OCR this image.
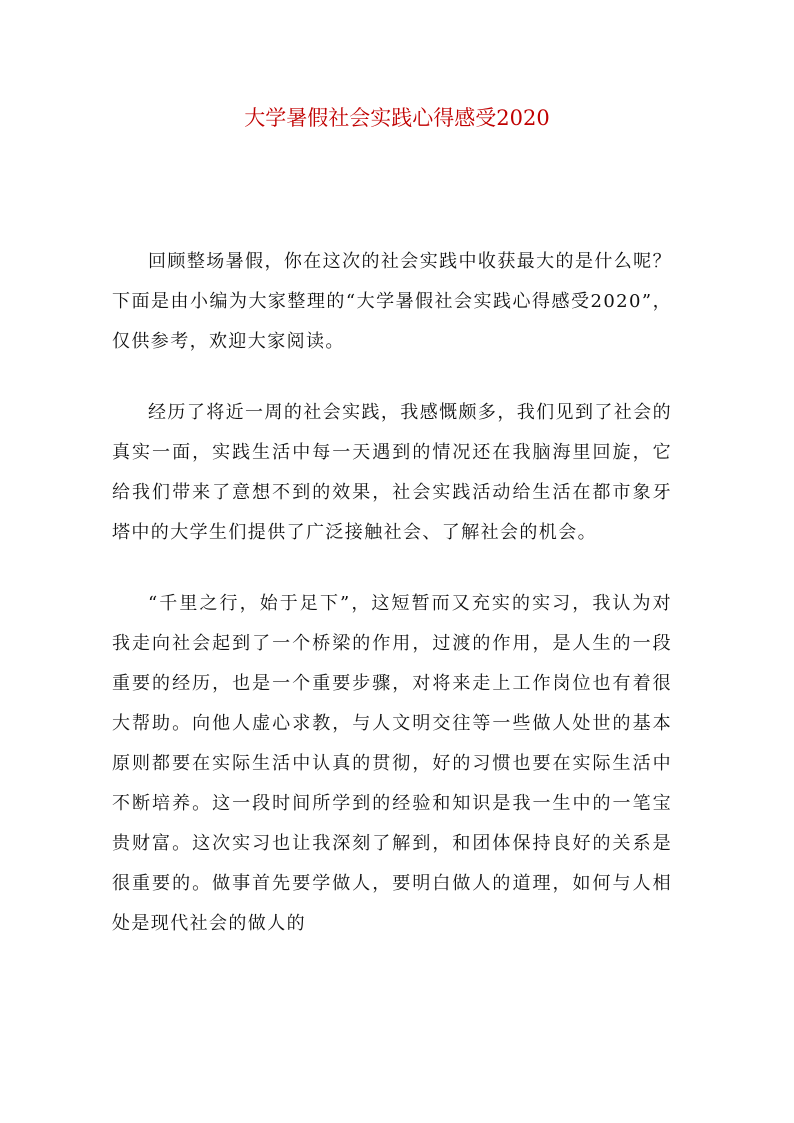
大学暑假社会实践心得感受2020

回顾整场暑假，你在这次的社会实践中收获最大的是什么呢？下面是由小编为大家整理的“大学暑假社会实践心得感受2020”，仅供参考，欢迎大家阅读。

经历了将近一周的社会实践，我感慨颇多，我们见到了社会的真实一面，实践生活中每一天遇到的情况还在我脑海里回旋，它给我们带来了意想不到的效果，社会实践活动给生活在都市象牙塔中的大学生们提供了广泛接触社会、了解社会的机会。

“千里之行，始于足下”，这短暂而又充实的实习，我认为对我走向社会起到了一个桥梁的作用，过渡的作用，是人生的一段重要的经历，也是一个重要步骤，对将来走上工作岗位也有着很大帮助。向他人虚心求教，与人文明交往等一些做人处世的基本原则都要在实际生活中认真的贯彻，好的习惯也要在实际生活中不断培养。这一段时间所学到的经验和知识是我一生中的一笔宝贵财富。这次实习也让我深刻了解到，和团体保持良好的关系是很重要的。做事首先要学做人，要明白做人的道理，如何与人相处是现代社会的做人的
